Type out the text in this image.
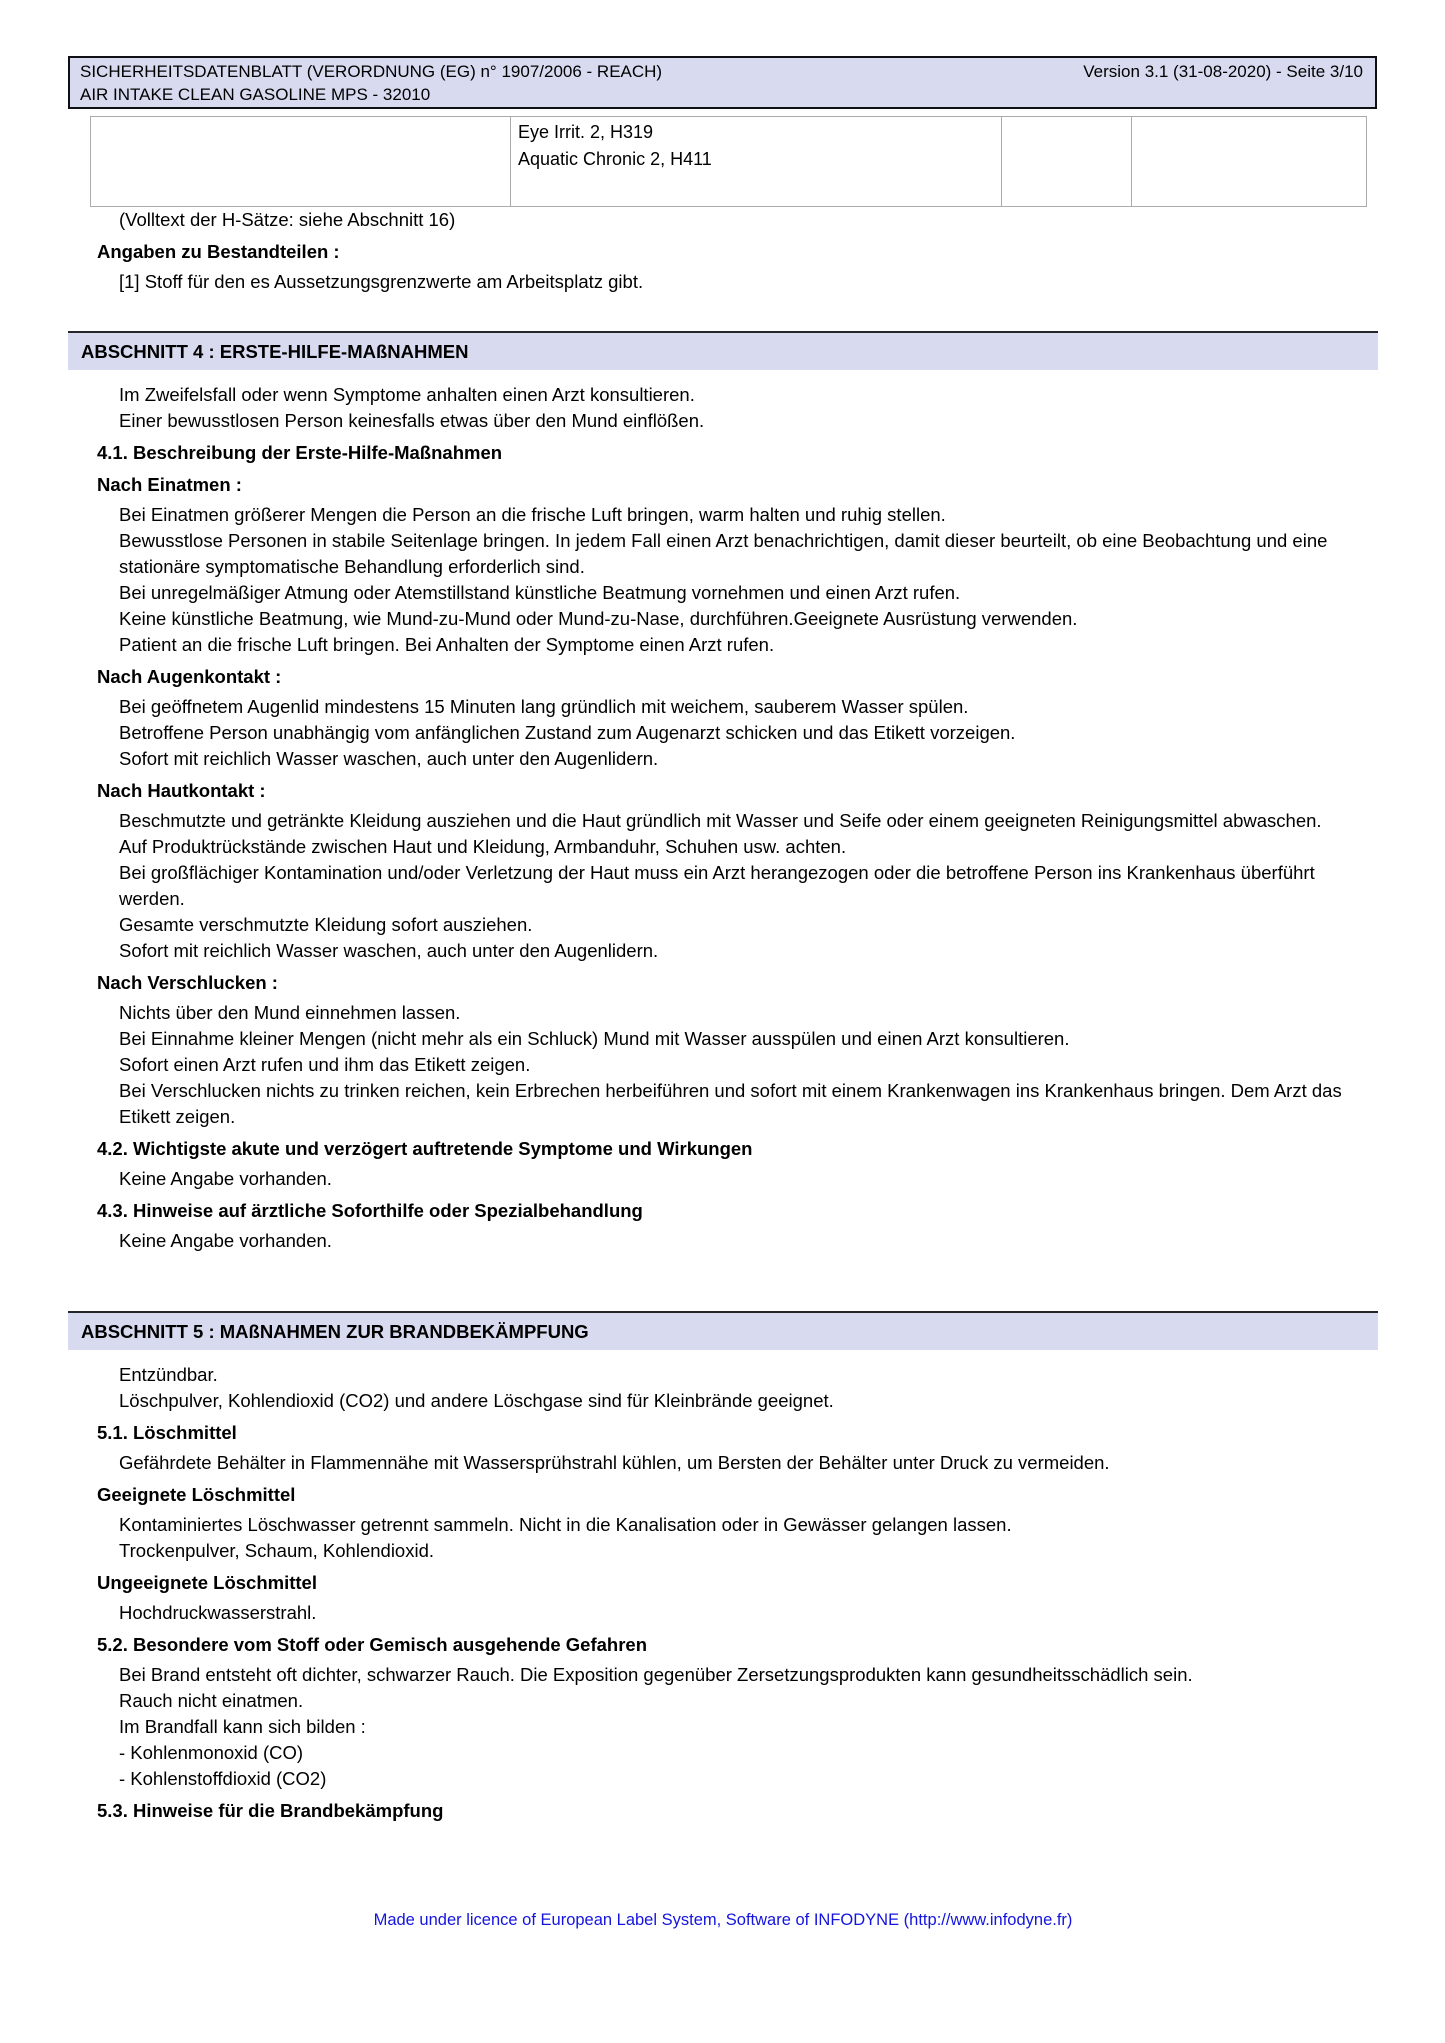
SICHERHEITSDATENBLATT (VERORDNUNG (EG) n° 1907/2006 - REACH)	Version 3.1 (31-08-2020) - Seite 3/10
AIR INTAKE CLEAN GASOLINE MPS - 32010
Eye Irrit. 2, H319
Aquatic Chronic 2, H411
(Volltext der H-Sätze: siehe Abschnitt 16)
Angaben zu Bestandteilen :
[1] Stoff für den es Aussetzungsgrenzwerte am Arbeitsplatz gibt.
ABSCHNITT 4 : ERSTE-HILFE-MAßNAHMEN
Im Zweifelsfall oder wenn Symptome anhalten einen Arzt konsultieren.
Einer bewusstlosen Person keinesfalls etwas über den Mund einflößen.
4.1. Beschreibung der Erste-Hilfe-Maßnahmen
Nach Einatmen :
Bei Einatmen größerer Mengen die Person an die frische Luft bringen, warm halten und ruhig stellen.
Bewusstlose Personen in stabile Seitenlage bringen. In jedem Fall einen Arzt benachrichtigen, damit dieser beurteilt, ob eine Beobachtung und eine stationäre symptomatische Behandlung erforderlich sind.
Bei unregelmäßiger Atmung oder Atemstillstand künstliche Beatmung vornehmen und einen Arzt rufen.
Keine künstliche Beatmung, wie Mund-zu-Mund oder Mund-zu-Nase, durchführen.Geeignete Ausrüstung verwenden.
Patient an die frische Luft bringen. Bei Anhalten der Symptome einen Arzt rufen.
Nach Augenkontakt :
Bei geöffnetem Augenlid mindestens 15 Minuten lang gründlich mit weichem, sauberem Wasser spülen.
Betroffene Person unabhängig vom anfänglichen Zustand zum Augenarzt schicken und das Etikett vorzeigen.
Sofort mit reichlich Wasser waschen, auch unter den Augenlidern.
Nach Hautkontakt :
Beschmutzte und getränkte Kleidung ausziehen und die Haut gründlich mit Wasser und Seife oder einem geeigneten Reinigungsmittel abwaschen.
Auf Produktrückstände zwischen Haut und Kleidung, Armbanduhr, Schuhen usw. achten.
Bei großflächiger Kontamination und/oder Verletzung der Haut muss ein Arzt herangezogen oder die betroffene Person ins Krankenhaus überführt werden.
Gesamte verschmutzte Kleidung sofort ausziehen.
Sofort mit reichlich Wasser waschen, auch unter den Augenlidern.
Nach Verschlucken :
Nichts über den Mund einnehmen lassen.
Bei Einnahme kleiner Mengen (nicht mehr als ein Schluck) Mund mit Wasser ausspülen und einen Arzt konsultieren.
Sofort einen Arzt rufen und ihm das Etikett zeigen.
Bei Verschlucken nichts zu trinken reichen, kein Erbrechen herbeiführen und sofort mit einem Krankenwagen ins Krankenhaus bringen. Dem Arzt das Etikett zeigen.
4.2. Wichtigste akute und verzögert auftretende Symptome und Wirkungen
Keine Angabe vorhanden.
4.3. Hinweise auf ärztliche Soforthilfe oder Spezialbehandlung
Keine Angabe vorhanden.
ABSCHNITT 5 : MAßNAHMEN ZUR BRANDBEKÄMPFUNG
Entzündbar.
Löschpulver, Kohlendioxid (CO2) und andere Löschgase sind für Kleinbrände geeignet.
5.1. Löschmittel
Gefährdete Behälter in Flammennähe mit Wassersprühstrahl kühlen, um Bersten der Behälter unter Druck zu vermeiden.
Geeignete Löschmittel
Kontaminiertes Löschwasser getrennt sammeln. Nicht in die Kanalisation oder in Gewässer gelangen lassen.
Trockenpulver, Schaum, Kohlendioxid.
Ungeeignete Löschmittel
Hochdruckwasserstrahl.
5.2. Besondere vom Stoff oder Gemisch ausgehende Gefahren
Bei Brand entsteht oft dichter, schwarzer Rauch. Die Exposition gegenüber Zersetzungsprodukten kann gesundheitsschädlich sein.
Rauch nicht einatmen.
Im Brandfall kann sich bilden :
- Kohlenmonoxid (CO)
- Kohlenstoffdioxid (CO2)
5.3. Hinweise für die Brandbekämpfung
Made under licence of European Label System, Software of INFODYNE (http://www.infodyne.fr)
